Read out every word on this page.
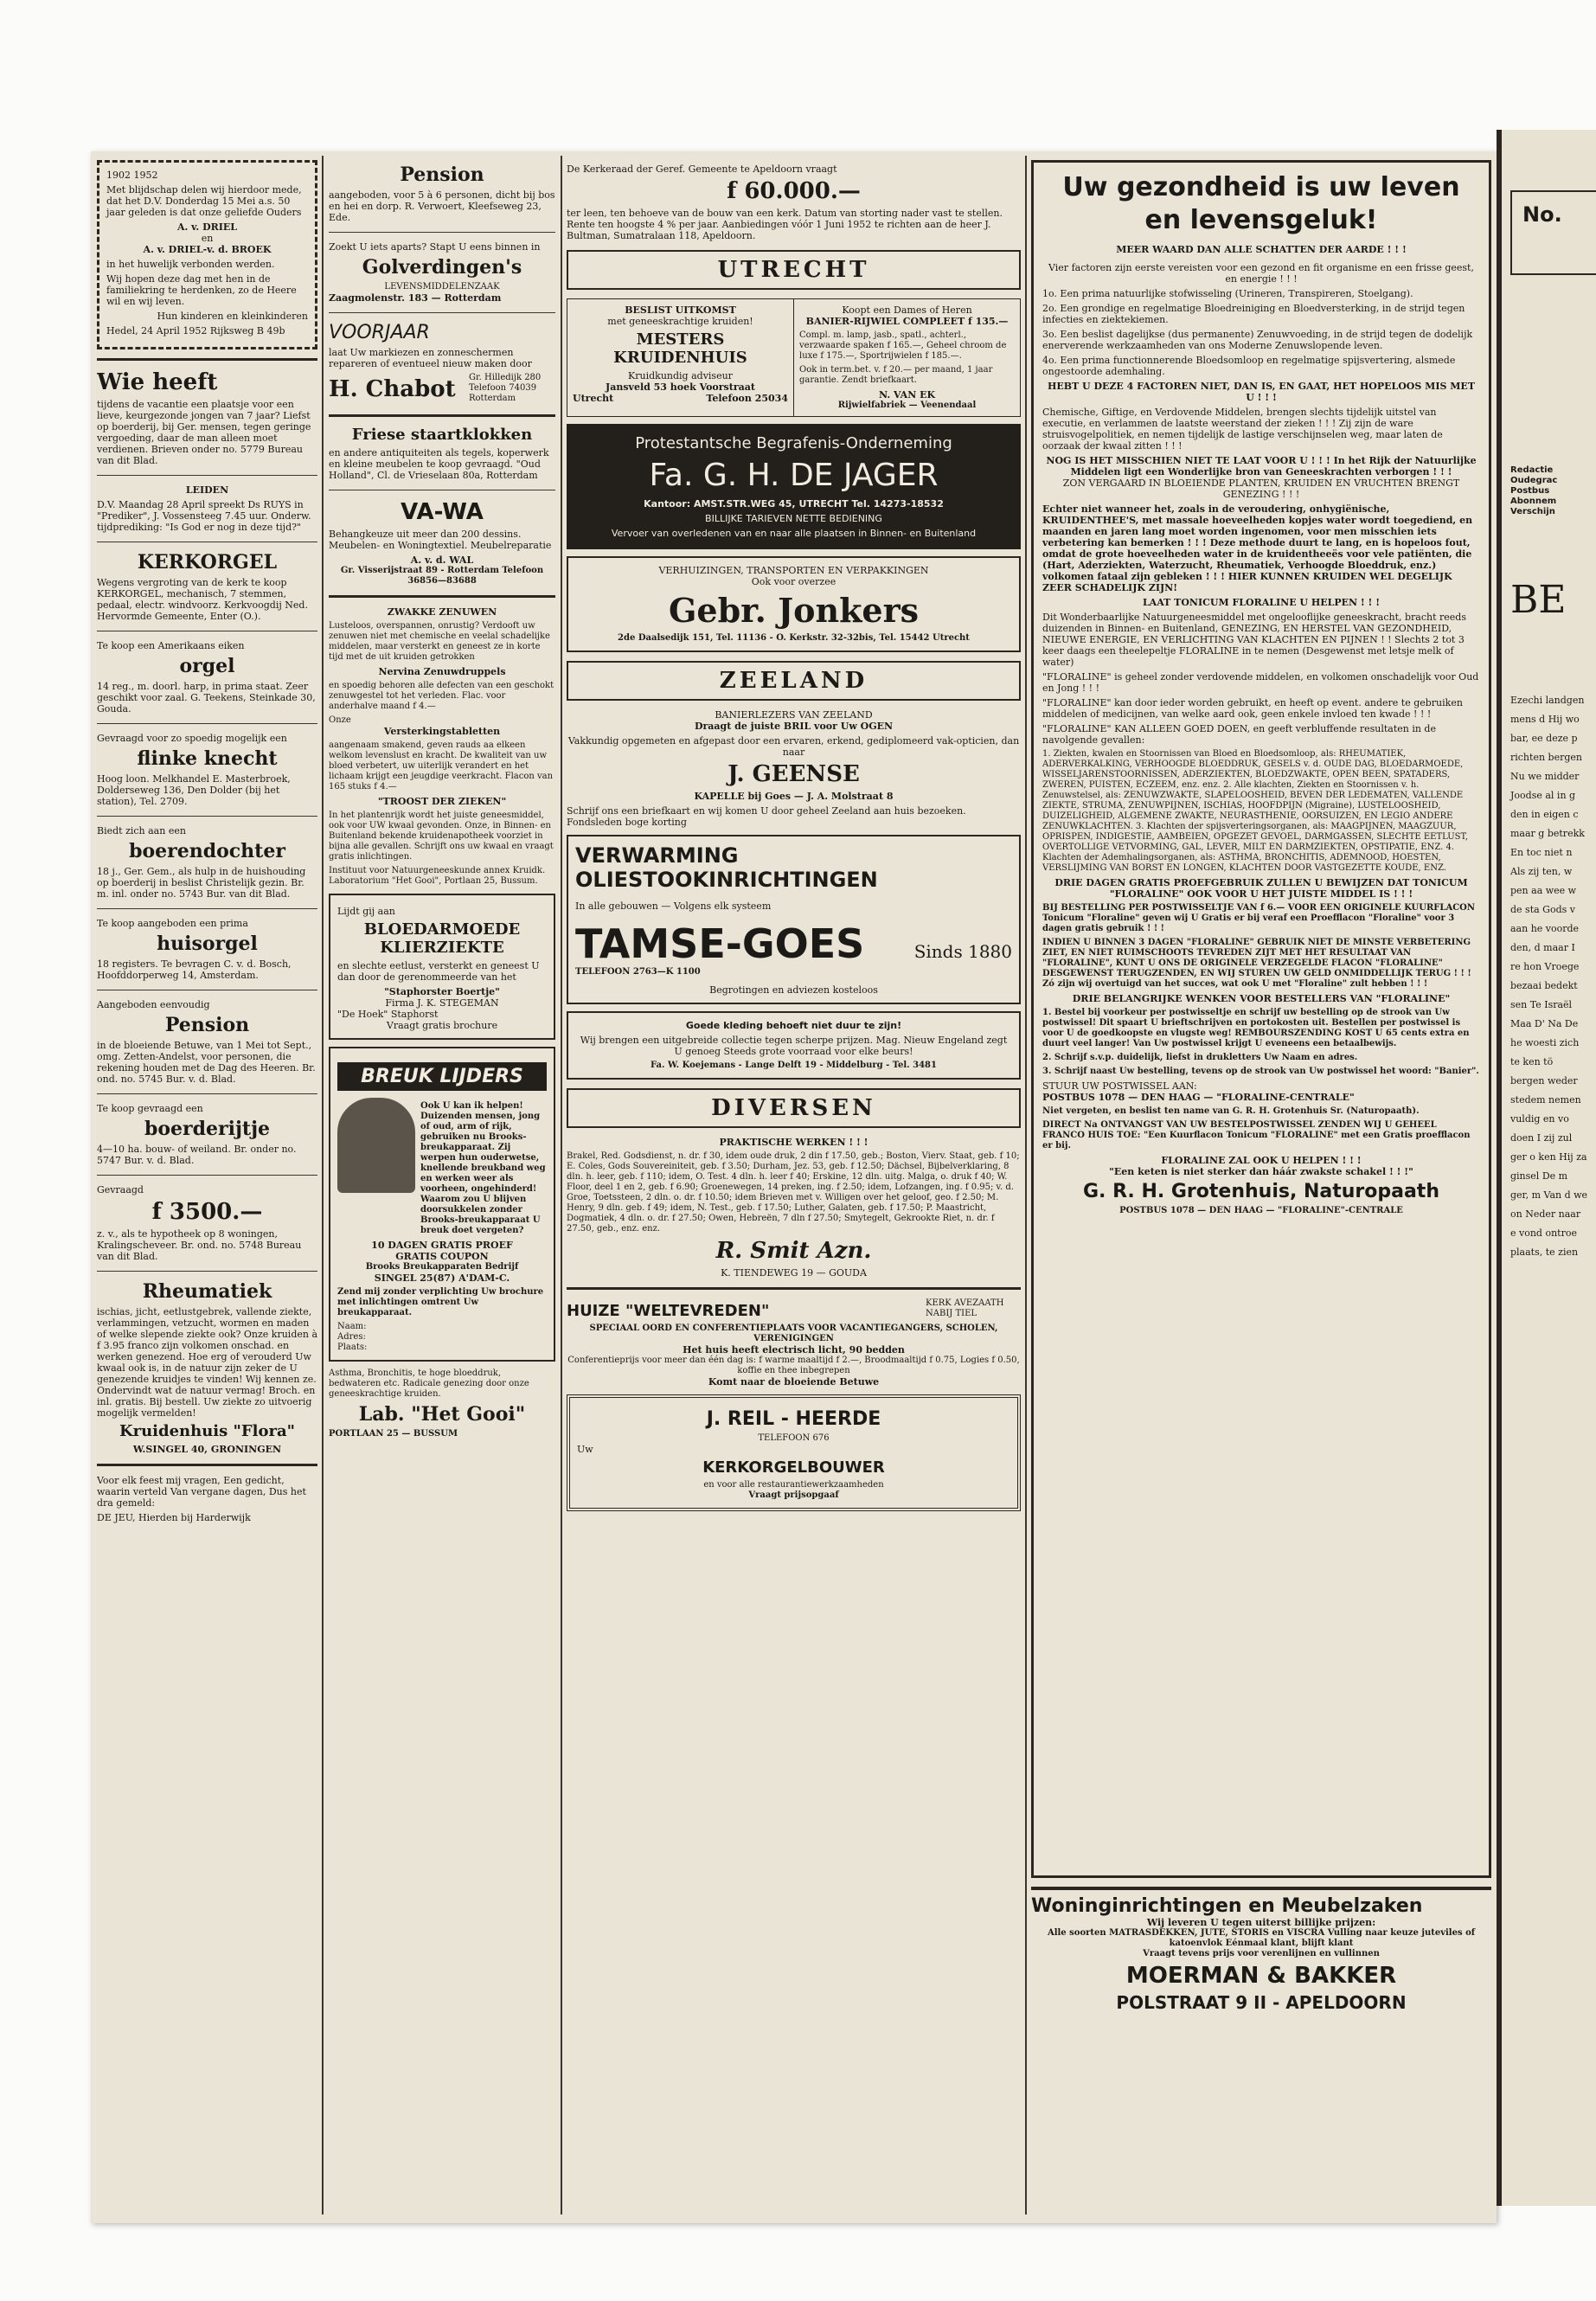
1902 1952

Met blijdschap delen wij hierdoor mede, dat het D.V. Donderdag 15 Mei a.s. 50 jaar geleden is dat onze geliefde Ouders

A. v. DRIEL
en
A. v. DRIEL-v. d. BROEK

in het huwelijk verbonden werden.

Wij hopen deze dag met hen in de familiekring te herdenken, zo de Heere wil en wij leven.

Hun kinderen en kleinkinderen

Hedel, 24 April 1952 Rijksweg B 49b

Wie heeft

tijdens de vacantie een plaatsje voor een lieve, keurgezonde jongen van 7 jaar? Liefst op boerderij, bij Ger. mensen, tegen geringe vergoeding, daar de man alleen moet verdienen. Brieven onder no. 5779 Bureau van dit Blad.

LEIDEN

D.V. Maandag 28 April spreekt Ds RUYS in "Prediker", J. Vossensteeg 7.45 uur. Onderw. tijdprediking: "Is God er nog in deze tijd?"

KERKORGEL

Wegens vergroting van de kerk te koop KERKORGEL, mechanisch, 7 stemmen, pedaal, electr. windvoorz. Kerkvoogdij Ned. Hervormde Gemeente, Enter (O.).

Te koop een Amerikaans eiken

orgel

14 reg., m. doorl. harp, in prima staat. Zeer geschikt voor zaal. G. Teekens, Steinkade 30, Gouda.

Gevraagd voor zo spoedig mogelijk een

flinke knecht

Hoog loon. Melkhandel E. Masterbroek, Dolderseweg 136, Den Dolder (bij het station), Tel. 2709.

Biedt zich aan een

boerendochter

18 j., Ger. Gem., als hulp in de huishouding op boerderij in beslist Christelijk gezin. Br. m. inl. onder no. 5743 Bur. van dit Blad.

Te koop aangeboden een prima

huisorgel

18 registers. Te bevragen C. v. d. Bosch, Hoofddorperweg 14, Amsterdam.

Aangeboden eenvoudig

Pension

in de bloeiende Betuwe, van 1 Mei tot Sept., omg. Zetten-Andelst, voor personen, die rekening houden met de Dag des Heeren. Br. ond. no. 5745 Bur. v. d. Blad.

Te koop gevraagd een

boerderijtje

4—10 ha. bouw- of weiland. Br. onder no. 5747 Bur. v. d. Blad.

Gevraagd

f 3500.—

z. v., als te hypotheek op 8 woningen, Kralingscheveer. Br. ond. no. 5748 Bureau van dit Blad.

Rheumatiek

ischias, jicht, eetlustgebrek, vallende ziekte, verlammingen, vetzucht, wormen en maden of welke slepende ziekte ook? Onze kruiden à f 3.95 franco zijn volkomen onschad. en werken genezend. Hoe erg of verouderd Uw kwaal ook is, in de natuur zijn zeker de U genezende kruidjes te vinden! Wij kennen ze. Ondervindt wat de natuur vermag! Broch. en inl. gratis. Bij bestell. Uw ziekte zo uitvoerig mogelijk vermelden!

Kruidenhuis "Flora"
W.SINGEL 40, GRONINGEN

Voor elk feest mij vragen, Een gedicht, waarin verteld Van vergane dagen, Dus het dra gemeld:

DE JEU, Hierden bij Harderwijk

Pension

aangeboden, voor 5 à 6 personen, dicht bij bos en hei en dorp. R. Verwoert, Kleefseweg 23, Ede.

Zoekt U iets aparts? Stapt U eens binnen in

Golverdingen's
LEVENSMIDDELENZAAK
Zaagmolenstr. 183 — Rotterdam
VOORJAAR

laat Uw markiezen en zonneschermen repareren of eventueel nieuw maken door

H. Chabot Gr. Hilledijk 280 Telefoon 74039 Rotterdam
Friese staartklokken

en andere antiquiteiten als tegels, koperwerk en kleine meubelen te koop gevraagd. "Oud Holland", Cl. de Vrieselaan 80a, Rotterdam

VA-WA

Behangkeuze uit meer dan 200 dessins. Meubelen- en Woningtextiel. Meubelreparatie

A. v. d. WAL
Gr. Visserijstraat 89 - Rotterdam Telefoon 36856—83688
ZWAKKE ZENUWEN

Lusteloos, overspannen, onrustig? Verdooft uw zenuwen niet met chemische en veelal schadelijke middelen, maar versterkt en geneest ze in korte tijd met de uit kruiden getrokken

Nervina Zenuwdruppels

en spoedig behoren alle defecten van een geschokt zenuwgestel tot het verleden. Flac. voor anderhalve maand f 4.—

Onze
Versterkingstabletten

aangenaam smakend, geven rauds aa elkeen welkom levenslust en kracht. De kwaliteit van uw bloed verbetert, uw uiterlijk verandert en het lichaam krijgt een jeugdige veerkracht. Flacon van 165 stuks f 4.—

"TROOST DER ZIEKEN"

In het plantenrijk wordt het juiste geneesmiddel, ook voor UW kwaal gevonden. Onze, in Binnen- en Buitenland bekende kruidenapotheek voorziet in bijna alle gevallen. Schrijft ons uw kwaal en vraagt gratis inlichtingen.

Instituut voor Natuurgeneeskunde annex Kruidk. Laboratorium "Het Gooi", Portlaan 25, Bussum.

Lijdt gij aan

BLOEDARMOEDE KLIERZIEKTE

en slechte eetlust, versterkt en geneest U dan door de gerenommeerde van het

"Staphorster Boertje"
Firma J. K. STEGEMAN
"De Hoek" Staphorst
Vraagt gratis brochure
BREUK LIJDERS

Ook U kan ik helpen! Duizenden mensen, jong of oud, arm of rijk, gebruiken nu Brooks-breukapparaat. Zij werpen hun ouderwetse, knellende breukband weg en werken weer als voorheen, ongehinderd! Waarom zou U blijven doorsukkelen zonder Brooks-breukapparaat U breuk doet vergeten?

10 DAGEN GRATIS PROEF
GRATIS COUPON
Brooks Breukapparaten Bedrijf
SINGEL 25(87) A'DAM-C.

Zend mij zonder verplichting Uw brochure met inlichtingen omtrent Uw breukapparaat.

Naam:
Adres:
Plaats:

Asthma, Bronchitis, te hoge bloeddruk, bedwateren etc. Radicale genezing door onze geneeskrachtige kruiden.

Lab. "Het Gooi"
PORTLAAN 25 — BUSSUM

De Kerkeraad der Geref. Gemeente te Apeldoorn vraagt

f 60.000.—

ter leen, ten behoeve van de bouw van een kerk. Datum van storting nader vast te stellen. Rente ten hoogste 4 % per jaar. Aanbiedingen vóór 1 Juni 1952 te richten aan de heer J. Bultman, Sumatralaan 118, Apeldoorn.

UTRECHT
BESLIST UITKOMST
met geneeskrachtige kruiden!
MESTERS KRUIDENHUIS
Kruidkundig adviseur
Jansveld 53 hoek Voorstraat
Utrecht	Telefoon 25034
Koopt een Dames of Heren
BANIER-RIJWIEL COMPLEET f 135.—

Compl. m. lamp, jasb., spatl., achterl., verzwaarde spaken f 165.—, Geheel chroom de luxe f 175.—, Sportrijwielen f 185.—.

Ook in term.bet. v. f 20.— per maand, 1 jaar garantie. Zendt briefkaart.

N. VAN EK
Rijwielfabriek — Veenendaal
Protestantsche Begrafenis-Onderneming
Fa. G. H. DE JAGER
Kantoor: AMST.STR.WEG 45, UTRECHT Tel. 14273-18532
BILLIJKE TARIEVEN NETTE BEDIENING
Vervoer van overledenen van en naar alle plaatsen in Binnen- en Buitenland
VERHUIZINGEN, TRANSPORTEN EN VERPAKKINGEN
Ook voor overzee
Gebr. Jonkers
2de Daalsedijk 151, Tel. 11136 - O. Kerkstr. 32-32bis, Tel. 15442 Utrecht
ZEELAND
BANIERLEZERS VAN ZEELAND
Draagt de juiste BRIL voor Uw OGEN

Vakkundig opgemeten en afgepast door een ervaren, erkend, gediplomeerd vak-opticien, dan naar

J. GEENSE
KAPELLE bij Goes — J. A. Molstraat 8

Schrijf ons een briefkaart en wij komen U door geheel Zeeland aan huis bezoeken. Fondsleden boge korting

VERWARMING OLIESTOOKINRICHTINGEN
In alle gebouwen — Volgens elk systeem
TAMSE-GOES	Sinds 1880
TELEFOON 2763—K 1100
Begrotingen en adviezen kosteloos
Goede kleding behoeft niet duur te zijn!

Wij brengen een uitgebreide collectie tegen scherpe prijzen. Mag. Nieuw Engeland zegt U genoeg Steeds grote voorraad voor elke beurs!

Fa. W. Koejemans - Lange Delft 19 - Middelburg - Tel. 3481
DIVERSEN
PRAKTISCHE WERKEN ! ! !

Brakel, Red. Godsdienst, n. dr. f 30, idem oude druk, 2 din f 17.50, geb.; Boston, Vierv. Staat, geb. f 10; E. Coles, Gods Souvereiniteit, geb. f 3.50; Durham, Jez. 53, geb. f 12.50; Dächsel, Bijbelverklaring, 8 dln. h. leer, geb. f 110; idem, O. Test. 4 dln. h. leer f 40; Erskine, 12 dln. uitg. Malga, o. druk f 40; W. Floor, deel 1 en 2, geb. f 6.90; Groenewegen, 14 preken, ing. f 2.50; idem, Lofzangen, ing. f 0.95; v. d. Groe, Toetssteen, 2 dln. o. dr. f 10.50; idem Brieven met v. Willigen over het geloof, geo. f 2.50; M. Henry, 9 dln. geb. f 49; idem, N. Test., geb. f 17.50; Luther, Galaten, geb. f 17.50; P. Maastricht, Dogmatiek, 4 dln. o. dr. f 27.50; Owen, Hebreën, 7 dln f 27.50; Smytegelt, Gekrookte Riet, n. dr. f 27.50, geb., enz. enz.

R. Smit Azn.
K. TIENDEWEG 19 — GOUDA
HUIZE "WELTEVREDEN"	KERK AVEZAATH NABIJ TIEL
SPECIAAL OORD EN CONFERENTIEPLAATS VOOR VACANTIEGANGERS, SCHOLEN, VERENIGINGEN
Het huis heeft electrisch licht, 90 bedden
Conferentieprijs voor meer dan één dag is: f warme maaltijd f 2.—, Broodmaaltijd f 0.75, Logies f 0.50, koffie en thee inbegrepen
Komt naar de bloeiende Betuwe
J. REIL - HEERDE
TELEFOON 676
Uw
KERKORGELBOUWER
en voor alle restaurantiewerkzaamheden
Vraagt prijsopgaaf
Uw gezondheid is uw leven en levensgeluk!
MEER WAARD DAN ALLE SCHATTEN DER AARDE ! ! !

Vier factoren zijn eerste vereisten voor een gezond en fit organisme en een frisse geest, en energie ! ! !

1o. Een prima natuurlijke stofwisseling (Urineren, Transpireren, Stoelgang).

2o. Een grondige en regelmatige Bloedreiniging en Bloedversterking, in de strijd tegen infecties en ziektekiemen.

3o. Een beslist dagelijkse (dus permanente) Zenuwvoeding, in de strijd tegen de dodelijk enerverende werkzaamheden van ons Moderne Zenuwslopende leven.

4o. Een prima functionnerende Bloedsomloop en regelmatige spijsvertering, alsmede ongestoorde ademhaling.

HEBT U DEZE 4 FACTOREN NIET, DAN IS, EN GAAT, HET HOPELOOS MIS MET U ! ! !

Chemische, Giftige, en Verdovende Middelen, brengen slechts tijdelijk uitstel van executie, en verlammen de laatste weerstand der zieken ! ! ! Zij zijn de ware struisvogelpolitiek, en nemen tijdelijk de lastige verschijnselen weg, maar laten de oorzaak der kwaal zitten ! ! !

NOG IS HET MISSCHIEN NIET TE LAAT VOOR U ! ! ! In het Rijk der Natuurlijke Middelen ligt een Wonderlijke bron van Geneeskrachten verborgen ! ! !
ZON VERGAARD IN BLOEIENDE PLANTEN, KRUIDEN EN VRUCHTEN BRENGT GENEZING ! ! !

Echter niet wanneer het, zoals in de veroudering, onhygiënische, KRUIDENTHEE'S, met massale hoeveelheden kopjes water wordt toegediend, en maanden en jaren lang moet worden ingenomen, voor men misschien iets verbetering kan bemerken ! ! ! Deze methode duurt te lang, en is hopeloos fout, omdat de grote hoeveelheden water in de kruidentheeës voor vele patiënten, die (Hart, Aderziekten, Waterzucht, Rheumatiek, Verhoogde Bloeddruk, enz.) volkomen fataal zijn gebleken ! ! ! HIER KUNNEN KRUIDEN WEL DEGELIJK ZEER SCHADELIJK ZIJN!

LAAT TONICUM FLORALINE U HELPEN ! ! !

Dit Wonderbaarlijke Natuurgeneesmiddel met ongelooflijke geneeskracht, bracht reeds duizenden in Binnen- en Buitenland, GENEZING, EN HERSTEL VAN GEZONDHEID, NIEUWE ENERGIE, EN VERLICHTING VAN KLACHTEN EN PIJNEN ! ! Slechts 2 tot 3 keer daags een theelepeltje FLORALINE in te nemen (Desgewenst met letsje melk of water)

"FLORALINE" is geheel zonder verdovende middelen, en volkomen onschadelijk voor Oud en Jong ! ! !

"FLORALINE" kan door ieder worden gebruikt, en heeft op event. andere te gebruiken middelen of medicijnen, van welke aard ook, geen enkele invloed ten kwade ! ! !

"FLORALINE" KAN ALLEEN GOED DOEN, en geeft verbluffende resultaten in de navolgende gevallen:

1. Ziekten, kwalen en Stoornissen van Bloed en Bloedsomloop, als: RHEUMATIEK, ADERVERKALKING, VERHOOGDE BLOEDDRUK, GESELS v. d. OUDE DAG, BLOEDARMOEDE, WISSELJARENSTOORNISSEN, ADERZIEKTEN, BLOEDZWAKTE, OPEN BEEN, SPATADERS, ZWEREN, PUISTEN, ECZEEM, enz. enz. 2. Alle klachten, Ziekten en Stoornissen v. h. Zenuwstelsel, als: ZENUWZWAKTE, SLAPELOOSHEID, BEVEN DER LEDEMATEN, VALLENDE ZIEKTE, STRUMA, ZENUWPIJNEN, ISCHIAS, HOOFDPIJN (Migraine), LUSTELOOSHEID, DUIZELIGHEID, ALGEMENE ZWAKTE, NEURASTHENIE, OORSUIZEN, EN LEGIO ANDERE ZENUWKLACHTEN. 3. Klachten der spijsverteringsorganen, als: MAAGPIJNEN, MAAGZUUR, OPRISPEN, INDIGESTIE, AAMBEIEN, OPGEZET GEVOEL, DARMGASSEN, SLECHTE EETLUST, OVERTOLLIGE VETVORMING, GAL, LEVER, MILT EN DARMZIEKTEN, OPSTIPATIE, ENZ. 4. Klachten der Ademhalingsorganen, als: ASTHMA, BRONCHITIS, ADEMNOOD, HOESTEN, VERSLIJMING VAN BORST EN LONGEN, KLACHTEN DOOR VASTGEZETTE KOUDE, ENZ.

DRIE DAGEN GRATIS PROEFGEBRUIK ZULLEN U BEWIJZEN DAT TONICUM "FLORALINE" OOK VOOR U HET JUISTE MIDDEL IS ! ! !

BIJ BESTELLING PER POSTWISSELTJE VAN f 6.— VOOR EEN ORIGINELE KUURFLACON Tonicum "Floraline" geven wij U Gratis er bij veraf een Proefflacon "Floraline" voor 3 dagen gratis gebruik ! ! !

INDIEN U BINNEN 3 DAGEN "FLORALINE" GEBRUIK NIET DE MINSTE VERBETERING ZIET, EN NIET RUIMSCHOOTS TEVREDEN ZIJT MET HET RESULTAAT VAN "FLORALINE", KUNT U ONS DE ORIGINELE VERZEGELDE FLACON "FLORALINE" DESGEWENST TERUGZENDEN, EN WIJ STUREN UW GELD ONMIDDELLIJK TERUG ! ! ! Zó zijn wij overtuigd van het succes, wat ook U met "Floraline" zult hebben ! ! !

DRIE BELANGRIJKE WENKEN VOOR BESTELLERS VAN "FLORALINE"

1. Bestel bij voorkeur per postwisseltje en schrijf uw bestelling op de strook van Uw postwissel! Dit spaart U brieftschrijven en portokosten uit. Bestellen per postwissel is voor U de goedkoopste en vlugste weg! REMBOURSZENDING KOST U 65 cents extra en duurt veel langer! Van Uw postwissel krijgt U eveneens een betaalbewijs.

2. Schrijf s.v.p. duidelijk, liefst in drukletters Uw Naam en adres.

3. Schrijf naast Uw bestelling, tevens op de strook van Uw postwissel het woord: "Banier".

STUUR UW POSTWISSEL AAN:
POSTBUS 1078 — DEN HAAG — "FLORALINE-CENTRALE"

Niet vergeten, en beslist ten name van G. R. H. Grotenhuis Sr. (Naturopaath).

DIRECT Na ONTVANGST VAN UW BESTELPOSTWISSEL ZENDEN WIJ U GEHEEL FRANCO HUIS TOE: "Een Kuurflacon Tonicum "FLORALINE" met een Gratis proefflacon er bij.

FLORALINE ZAL OOK U HELPEN ! ! !
"Een keten is niet sterker dan háár zwakste schakel ! ! !"
G. R. H. Grotenhuis, Naturopaath
POSTBUS 1078 — DEN HAAG — "FLORALINE"-CENTRALE
Woninginrichtingen en Meubelzaken
Wij leveren U tegen uiterst billijke prijzen:
Alle soorten MATRASDEKKEN, JUTE, STORIS en VISCRA Vulling naar keuze juteviles of katoenvlok Eénmaal klant, blijft klant
Vraagt tevens prijs voor verenlijnen en vullinnen
MOERMAN & BAKKER
POLSTRAAT 9 II - APELDOORN
No.
Redactie Oudegrac Postbus Abonnem Verschijn
BE
Ezechi landgen mens d Hij wo bar, ee deze p richten bergen Nu we midder Joodse al in g den in eigen c maar g betrekk En toc niet n Als zij ten, w pen aa wee w de sta Gods v aan he voorde den, d maar I re hon Vroege bezaai bedekt sen Te Israël Maa D' Na De he woesti zich te ken tö bergen weder stedem nemen vuldig en vo doen I zij zul ger o ken Hij za ginsel De m ger, m Van d we on Neder naar e vond ontroe plaats, te zien
